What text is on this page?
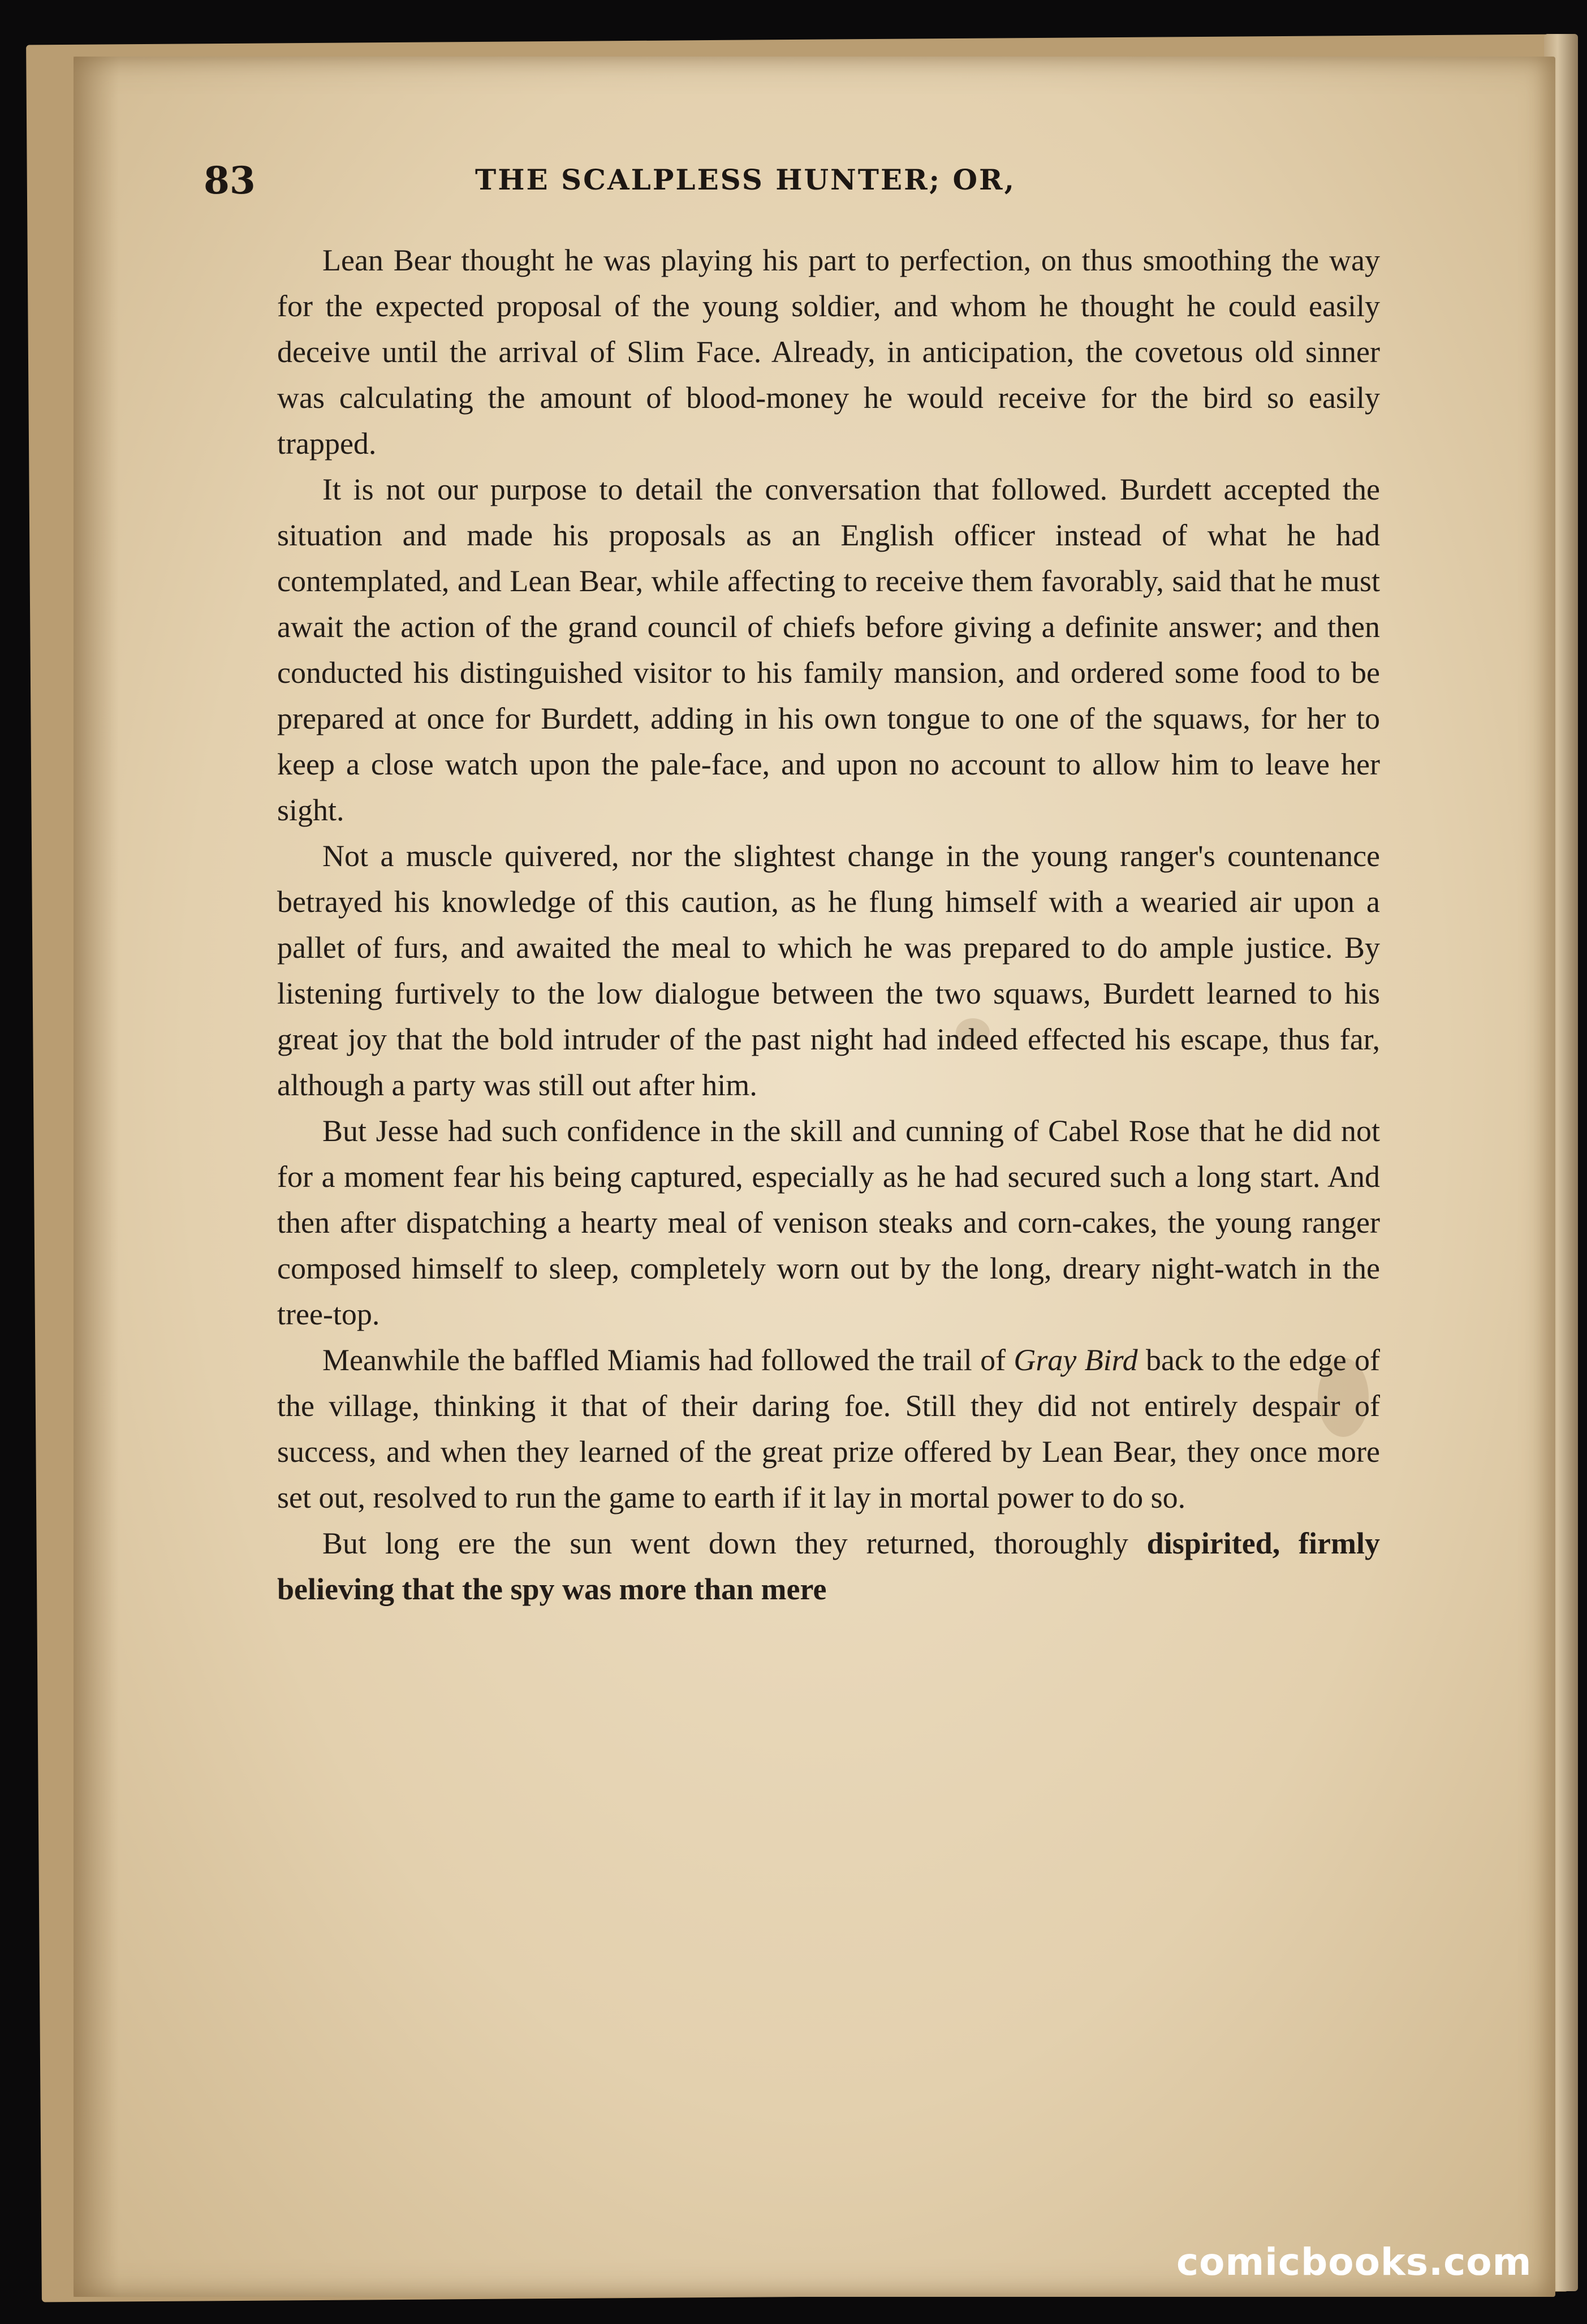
83	THE SCALPLESS HUNTER; OR,

Lean Bear thought he was playing his part to perfection, on thus smoothing the way for the expected proposal of the young soldier, and whom he thought he could easily deceive until the arrival of Slim Face. Already, in anticipation, the covetous old sinner was calculating the amount of blood-money he would receive for the bird so easily trapped.

It is not our purpose to detail the conversation that followed. Burdett accepted the situation and made his proposals as an English officer instead of what he had contemplated, and Lean Bear, while affecting to receive them favorably, said that he must await the action of the grand council of chiefs before giving a definite answer; and then conducted his distinguished visitor to his family mansion, and ordered some food to be prepared at once for Burdett, adding in his own tongue to one of the squaws, for her to keep a close watch upon the pale-face, and upon no account to allow him to leave her sight.

Not a muscle quivered, nor the slightest change in the young ranger's countenance betrayed his knowledge of this caution, as he flung himself with a wearied air upon a pallet of furs, and awaited the meal to which he was prepared to do ample justice. By listening furtively to the low dialogue between the two squaws, Burdett learned to his great joy that the bold intruder of the past night had indeed effected his escape, thus far, although a party was still out after him.

But Jesse had such confidence in the skill and cunning of Cabel Rose that he did not for a moment fear his being captured, especially as he had secured such a long start. And then after dispatching a hearty meal of venison steaks and corn-cakes, the young ranger composed himself to sleep, completely worn out by the long, dreary night-watch in the tree-top.

Meanwhile the baffled Miamis had followed the trail of Gray Bird back to the edge of the village, thinking it that of their daring foe. Still they did not entirely despair of success, and when they learned of the great prize offered by Lean Bear, they once more set out, resolved to run the game to earth if it lay in mortal power to do so.

But long ere the sun went down they returned, thoroughly dispirited, firmly believing that the spy was more than mere

comicbooks.com
